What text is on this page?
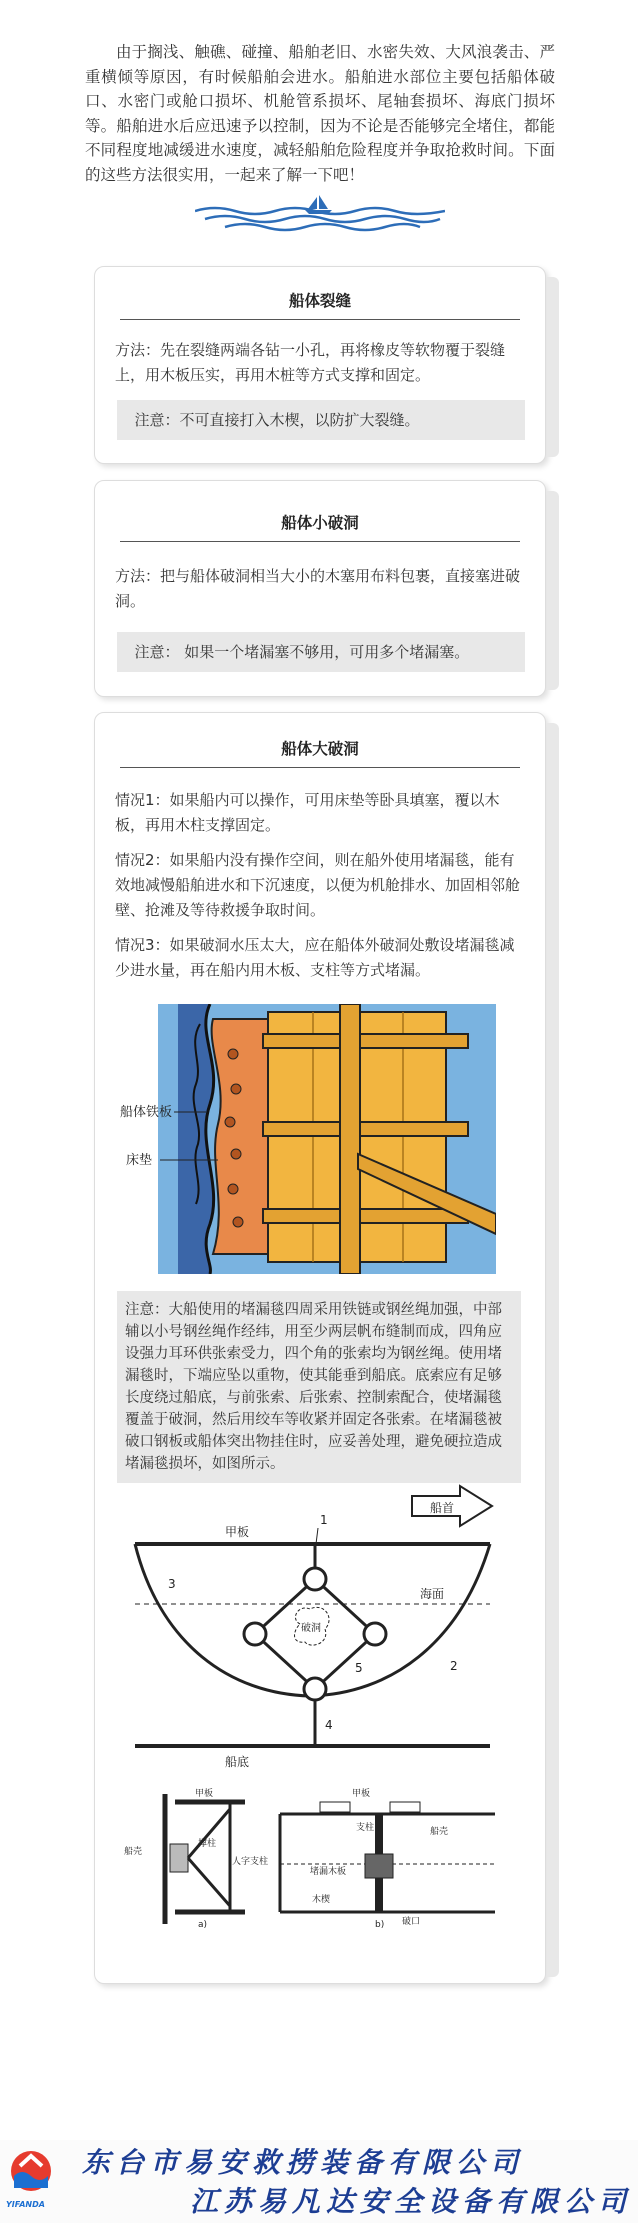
由于搁浅、触礁、碰撞、船舶老旧、水密失效、大风浪袭击、严重横倾等原因，有时候船舶会进水。船舶进水部位主要包括船体破口、水密门或舱口损坏、机舱管系损坏、尾轴套损坏、海底门损坏等。船舶进水后应迅速予以控制，因为不论是否能够完全堵住，都能不同程度地减缓进水速度，减轻船舶危险程度并争取抢救时间。下面的这些方法很实用，一起来了解一下吧！
船体裂缝

方法：先在裂缝两端各钻一小孔，再将橡皮等软物覆于裂缝上，用木板压实，再用木桩等方式支撑和固定。

注意：不可直接打入木楔，以防扩大裂缝。
船体小破洞

方法：把与船体破洞相当大小的木塞用布料包裹，直接塞进破洞。

注意： 如果一个堵漏塞不够用，可用多个堵漏塞。
船体大破洞

情况1：如果船内可以操作，可用床垫等卧具填塞，覆以木板，再用木柱支撑固定。

情况2：如果船内没有操作空间，则在船外使用堵漏毯，能有效地减慢船舶进水和下沉速度，以便为机舱排水、加固相邻舱壁、抢滩及等待救援争取时间。

情况3：如果破洞水压太大，应在船体外破洞处敷设堵漏毯减少进水量，再在船内用木板、支柱等方式堵漏。

注意：大船使用的堵漏毯四周采用铁链或钢丝绳加强，中部辅以小号钢丝绳作经纬，用至少两层帆布缝制而成，四角应设强力耳环供张索受力，四个角的张索均为钢丝绳。使用堵漏毯时，下端应坠以重物，使其能垂到船底。底索应有足够长度绕过船底，与前张索、后张索、控制索配合，使堵漏毯覆盖于破洞，然后用绞车等收紧并固定各张索。在堵漏毯被破口钢板或船体突出物挂住时，应妥善处理，避免硬拉造成堵漏毯损坏，如图所示。
船体铁板
床垫
船首
甲板
海面
破洞
船底
1
2
3
4
5
甲板
船壳
撑柱
人字支柱
a)
甲板
船壳
支柱
堵漏木板
木楔
破口
b)
YIFANDA
东台市易安救捞装备有限公司
江苏易凡达安全设备有限公司
